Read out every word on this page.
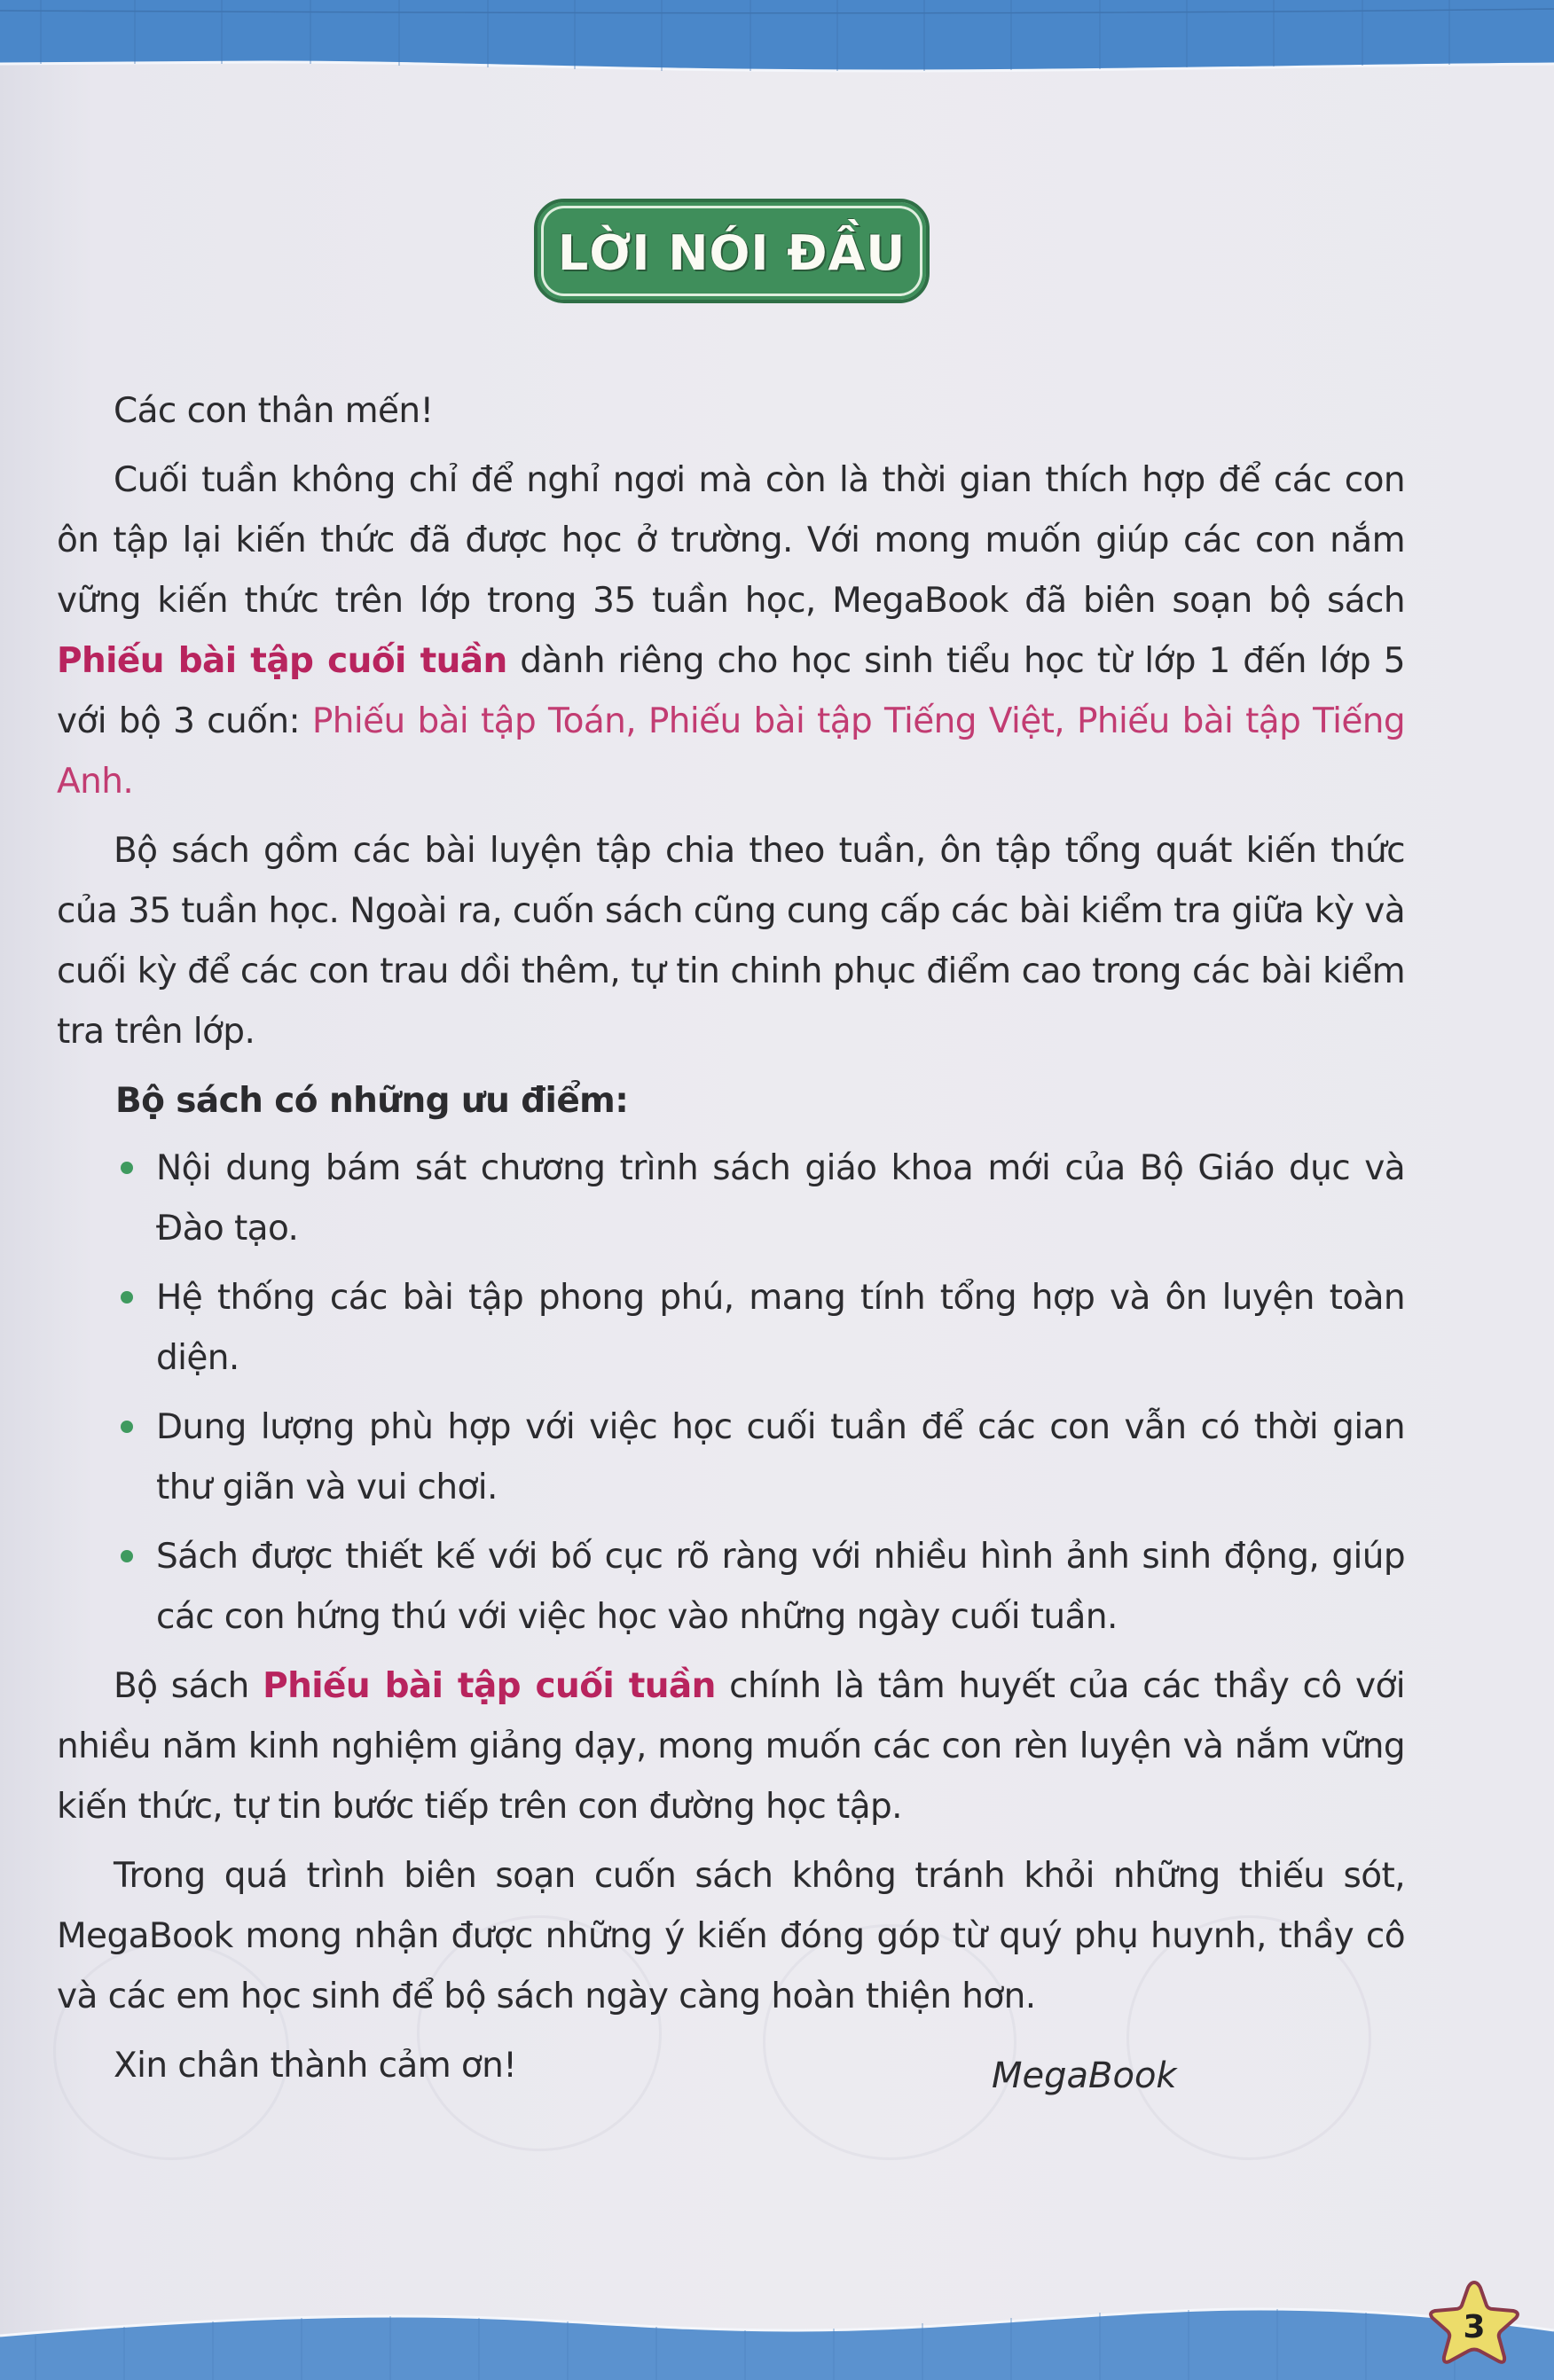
LỜI NÓI ĐẦU

Các con thân mến!

Cuối tuần không chỉ để nghỉ ngơi mà còn là thời gian thích hợp để các con ôn tập lại kiến thức đã được học ở trường. Với mong muốn giúp các con nắm vững kiến thức trên lớp trong 35 tuần học, MegaBook đã biên soạn bộ sách Phiếu bài tập cuối tuần dành riêng cho học sinh tiểu học từ lớp 1 đến lớp 5 với bộ 3 cuốn: Phiếu bài tập Toán, Phiếu bài tập Tiếng Việt, Phiếu bài tập Tiếng Anh.

Bộ sách gồm các bài luyện tập chia theo tuần, ôn tập tổng quát kiến thức của 35 tuần học. Ngoài ra, cuốn sách cũng cung cấp các bài kiểm tra giữa kỳ và cuối kỳ để các con trau dồi thêm, tự tin chinh phục điểm cao trong các bài kiểm tra trên lớp.

Bộ sách có những ưu điểm:

Nội dung bám sát chương trình sách giáo khoa mới của Bộ Giáo dục và Đào tạo.
Hệ thống các bài tập phong phú, mang tính tổng hợp và ôn luyện toàn diện.
Dung lượng phù hợp với việc học cuối tuần để các con vẫn có thời gian thư giãn và vui chơi.
Sách được thiết kế với bố cục rõ ràng với nhiều hình ảnh sinh động, giúp các con hứng thú với việc học vào những ngày cuối tuần.

Bộ sách Phiếu bài tập cuối tuần chính là tâm huyết của các thầy cô với nhiều năm kinh nghiệm giảng dạy, mong muốn các con rèn luyện và nắm vững kiến thức, tự tin bước tiếp trên con đường học tập.

Trong quá trình biên soạn cuốn sách không tránh khỏi những thiếu sót, MegaBook mong nhận được những ý kiến đóng góp từ quý phụ huynh, thầy cô và các em học sinh để bộ sách ngày càng hoàn thiện hơn.

Xin chân thành cảm ơn!	MegaBook
3
